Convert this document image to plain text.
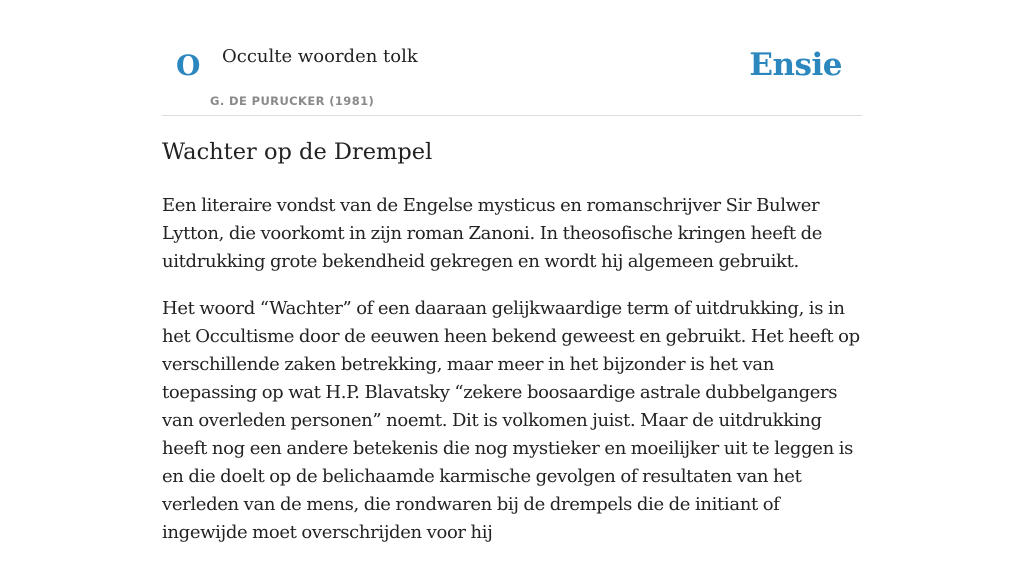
O Occulte woorden tolk
G. DE PURUCKER (1981)
Ensie
Wachter op de Drempel

Een literaire vondst van de Engelse mysticus en romanschrijver Sir Bulwer Lytton, die voorkomt in zijn roman Zanoni. In theosofische kringen heeft de uitdrukking grote bekendheid gekregen en wordt hij algemeen gebruikt.

Het woord “Wachter” of een daaraan gelijkwaardige term of uitdrukking, is in het Occultisme door de eeuwen heen bekend geweest en gebruikt. Het heeft op verschillende zaken betrekking, maar meer in het bijzonder is het van toepassing op wat H.P. Blavatsky “zekere boosaardige astrale dubbelgangers van overleden personen” noemt. Dit is volkomen juist. Maar de uitdrukking heeft nog een andere betekenis die nog mystieker en moeilijker uit te leggen is en die doelt op de belichaamde karmische gevolgen of resultaten van het verleden van de mens, die rondwaren bij de drempels die de initiant of ingewijde moet overschrijden voor hij
